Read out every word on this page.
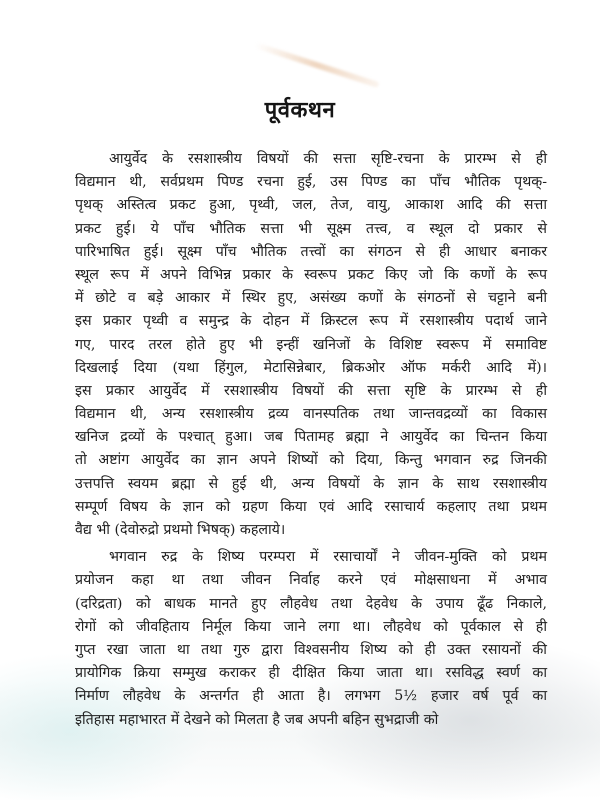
पूर्वकथन
आयुर्वेद के रसशास्त्रीय विषयों की सत्ता सृष्टि-रचना के प्रारम्भ से ही
विद्यमान थी, सर्वप्रथम पिण्ड रचना हुई, उस पिण्ड का पाँच भौतिक पृथक्-
पृथक् अस्तित्व प्रकट हुआ, पृथ्वी, जल, तेज, वायु, आकाश आदि की सत्ता
प्रकट हुई। ये पाँच भौतिक सत्ता भी सूक्ष्म तत्त्व, व स्थूल दो प्रकार से
पारिभाषित हुई। सूक्ष्म पाँच भौतिक तत्त्वों का संगठन से ही आधार बनाकर
स्थूल रूप में अपने विभिन्न प्रकार के स्वरूप प्रकट किए जो कि कणों के रूप
में छोटे व बड़े आकार में स्थिर हुए, असंख्य कणों के संगठनों से चट्टाने बनी
इस प्रकार पृथ्वी व समुन्द्र के दोहन में क्रिस्टल रूप में रसशास्त्रीय पदार्थ जाने
गए, पारद तरल होते हुए भी इन्हीं खनिजों के विशिष्ट स्वरूप में समाविष्ट
दिखलाई दिया (यथा हिंगुल, मेटासिन्नेबार, ब्रिकओर ऑफ मर्करी आदि में)।
इस प्रकार आयुर्वेद में रसशास्त्रीय विषयों की सत्ता सृष्टि के प्रारम्भ से ही
विद्यमान थी, अन्य रसशास्त्रीय द्रव्य वानस्पतिक तथा जान्तवद्रव्यों का विकास
खनिज द्रव्यों के पश्चात् हुआ। जब पितामह ब्रह्मा ने आयुर्वेद का चिन्तन किया
तो अष्टांग आयुर्वेद का ज्ञान अपने शिष्यों को दिया, किन्तु भगवान रुद्र जिनकी
उत्तपत्ति स्वयम ब्रह्मा से हुई थी, अन्य विषयों के ज्ञान के साथ रसशास्त्रीय
सम्पूर्ण विषय के ज्ञान को ग्रहण किया एवं आदि रसाचार्य कहलाए तथा प्रथम
वैद्य भी (देवोरुद्रो प्रथमो भिषक्) कहलाये।
भगवान रुद्र के शिष्य परम्परा में रसाचार्यों ने जीवन-मुक्ति को प्रथम
प्रयोजन कहा था तथा जीवन निर्वाह करने एवं मोक्षसाधना में अभाव
(दरिद्रता) को बाधक मानते हुए लौहवेध तथा देहवेध के उपाय ढूँढ निकाले,
रोगों को जीवहिताय निर्मूल किया जाने लगा था। लौहवेध को पूर्वकाल से ही
गुप्त रखा जाता था तथा गुरु द्वारा विश्वसनीय शिष्य को ही उक्त रसायनों की
प्रायोगिक क्रिया सम्मुख कराकर ही दीक्षित किया जाता था। रसविद्ध स्वर्ण का
निर्माण लौहवेध के अन्तर्गत ही आता है। लगभग 5½ हजार वर्ष पूर्व का
इतिहास महाभारत में देखने को मिलता है जब अपनी बहिन सुभद्राजी को
